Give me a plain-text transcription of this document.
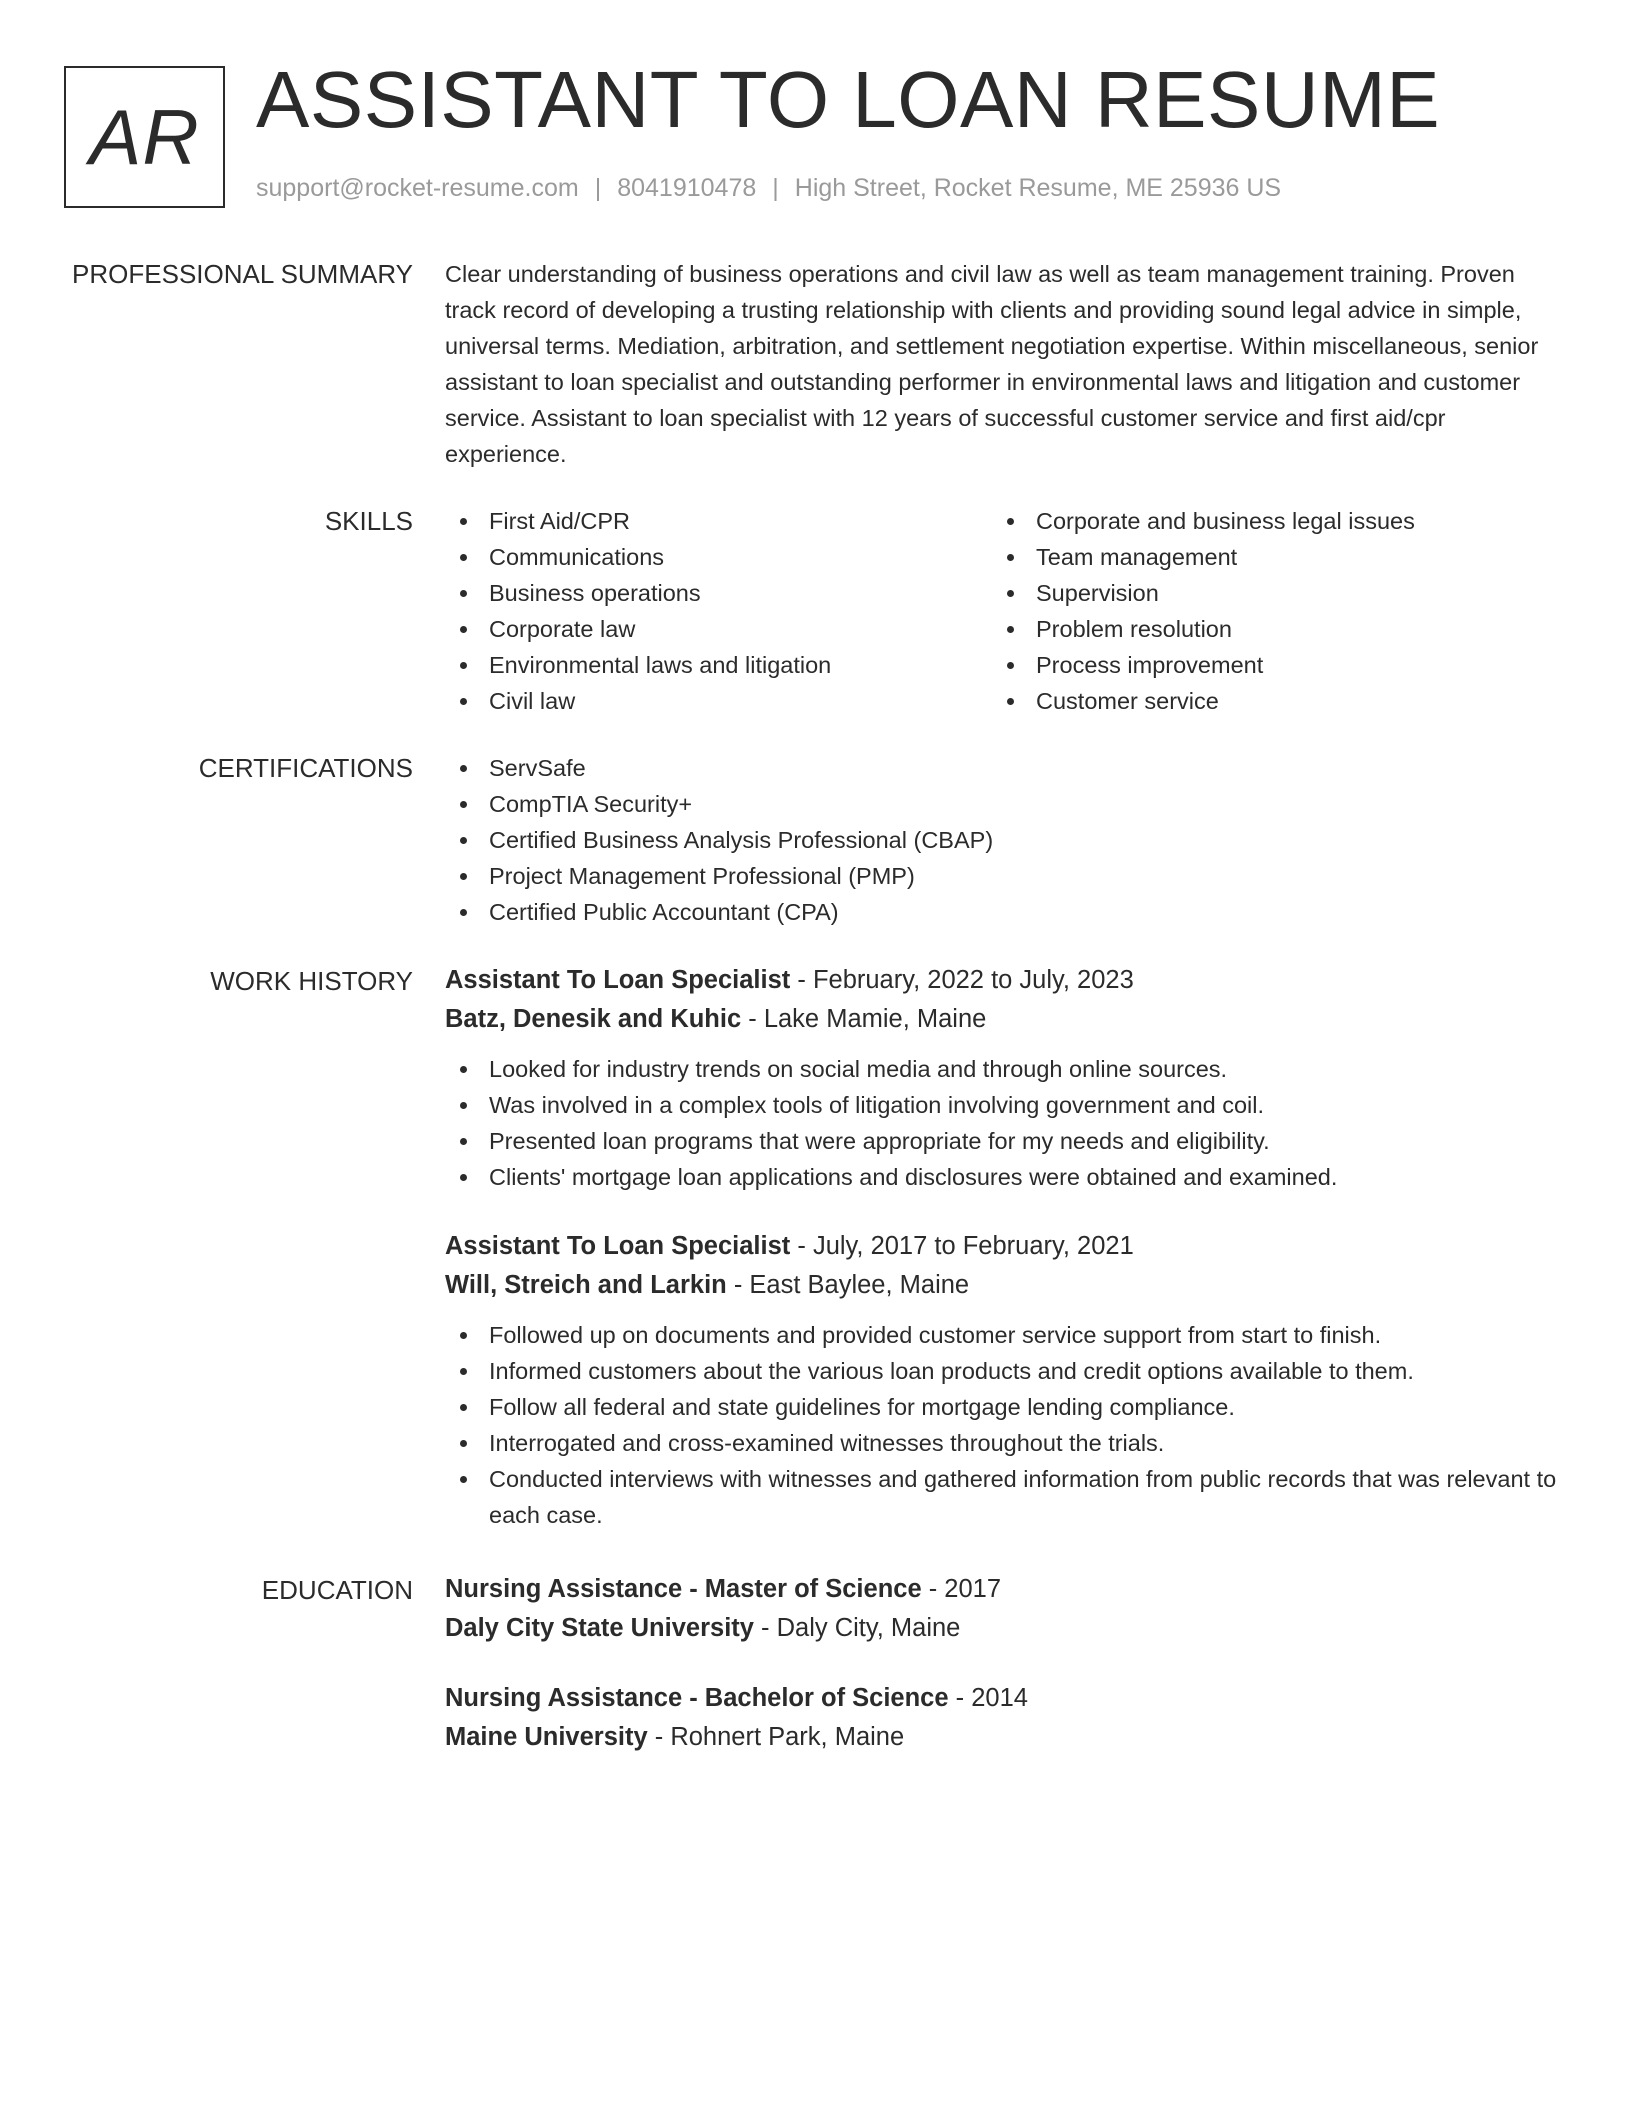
AR ASSISTANT TO LOAN RESUME
support@rocket-resume.com | 8041910478 | High Street, Rocket Resume, ME 25936 US
PROFESSIONAL SUMMARY Clear understanding of business operations and civil law as well as team management training. Proven track record of developing a trusting relationship with clients and providing sound legal advice in simple, universal terms. Mediation, arbitration, and settlement negotiation expertise. Within miscellaneous, senior assistant to loan specialist and outstanding performer in environmental laws and litigation and customer service. Assistant to loan specialist with 12 years of successful customer service and first aid/cpr experience.

SKILLS	First Aid/CPR
Communications
Business operations
Corporate law
Environmental laws and litigation
Civil law
Corporate and business legal issues
Team management
Supervision
Problem resolution
Process improvement
Customer service
CERTIFICATIONS	ServSafe
CompTIA Security+
Certified Business Analysis Professional (CBAP)
Project Management Professional (PMP)
Certified Public Accountant (CPA)
WORK HISTORY Assistant To Loan Specialist - February, 2022 to July, 2023
Batz, Denesik and Kuhic - Lake Mamie, Maine
Looked for industry trends on social media and through online sources.
Was involved in a complex tools of litigation involving government and coil.
Presented loan programs that were appropriate for my needs and eligibility.
Clients' mortgage loan applications and disclosures were obtained and examined.
Assistant To Loan Specialist - July, 2017 to February, 2021
Will, Streich and Larkin - East Baylee, Maine
Followed up on documents and provided customer service support from start to finish.
Informed customers about the various loan products and credit options available to them.
Follow all federal and state guidelines for mortgage lending compliance.
Interrogated and cross-examined witnesses throughout the trials.
Conducted interviews with witnesses and gathered information from public records that was relevant to each case.
EDUCATION Nursing Assistance - Master of Science - 2017
Daly City State University - Daly City, Maine
Nursing Assistance - Bachelor of Science - 2014
Maine University - Rohnert Park, Maine
